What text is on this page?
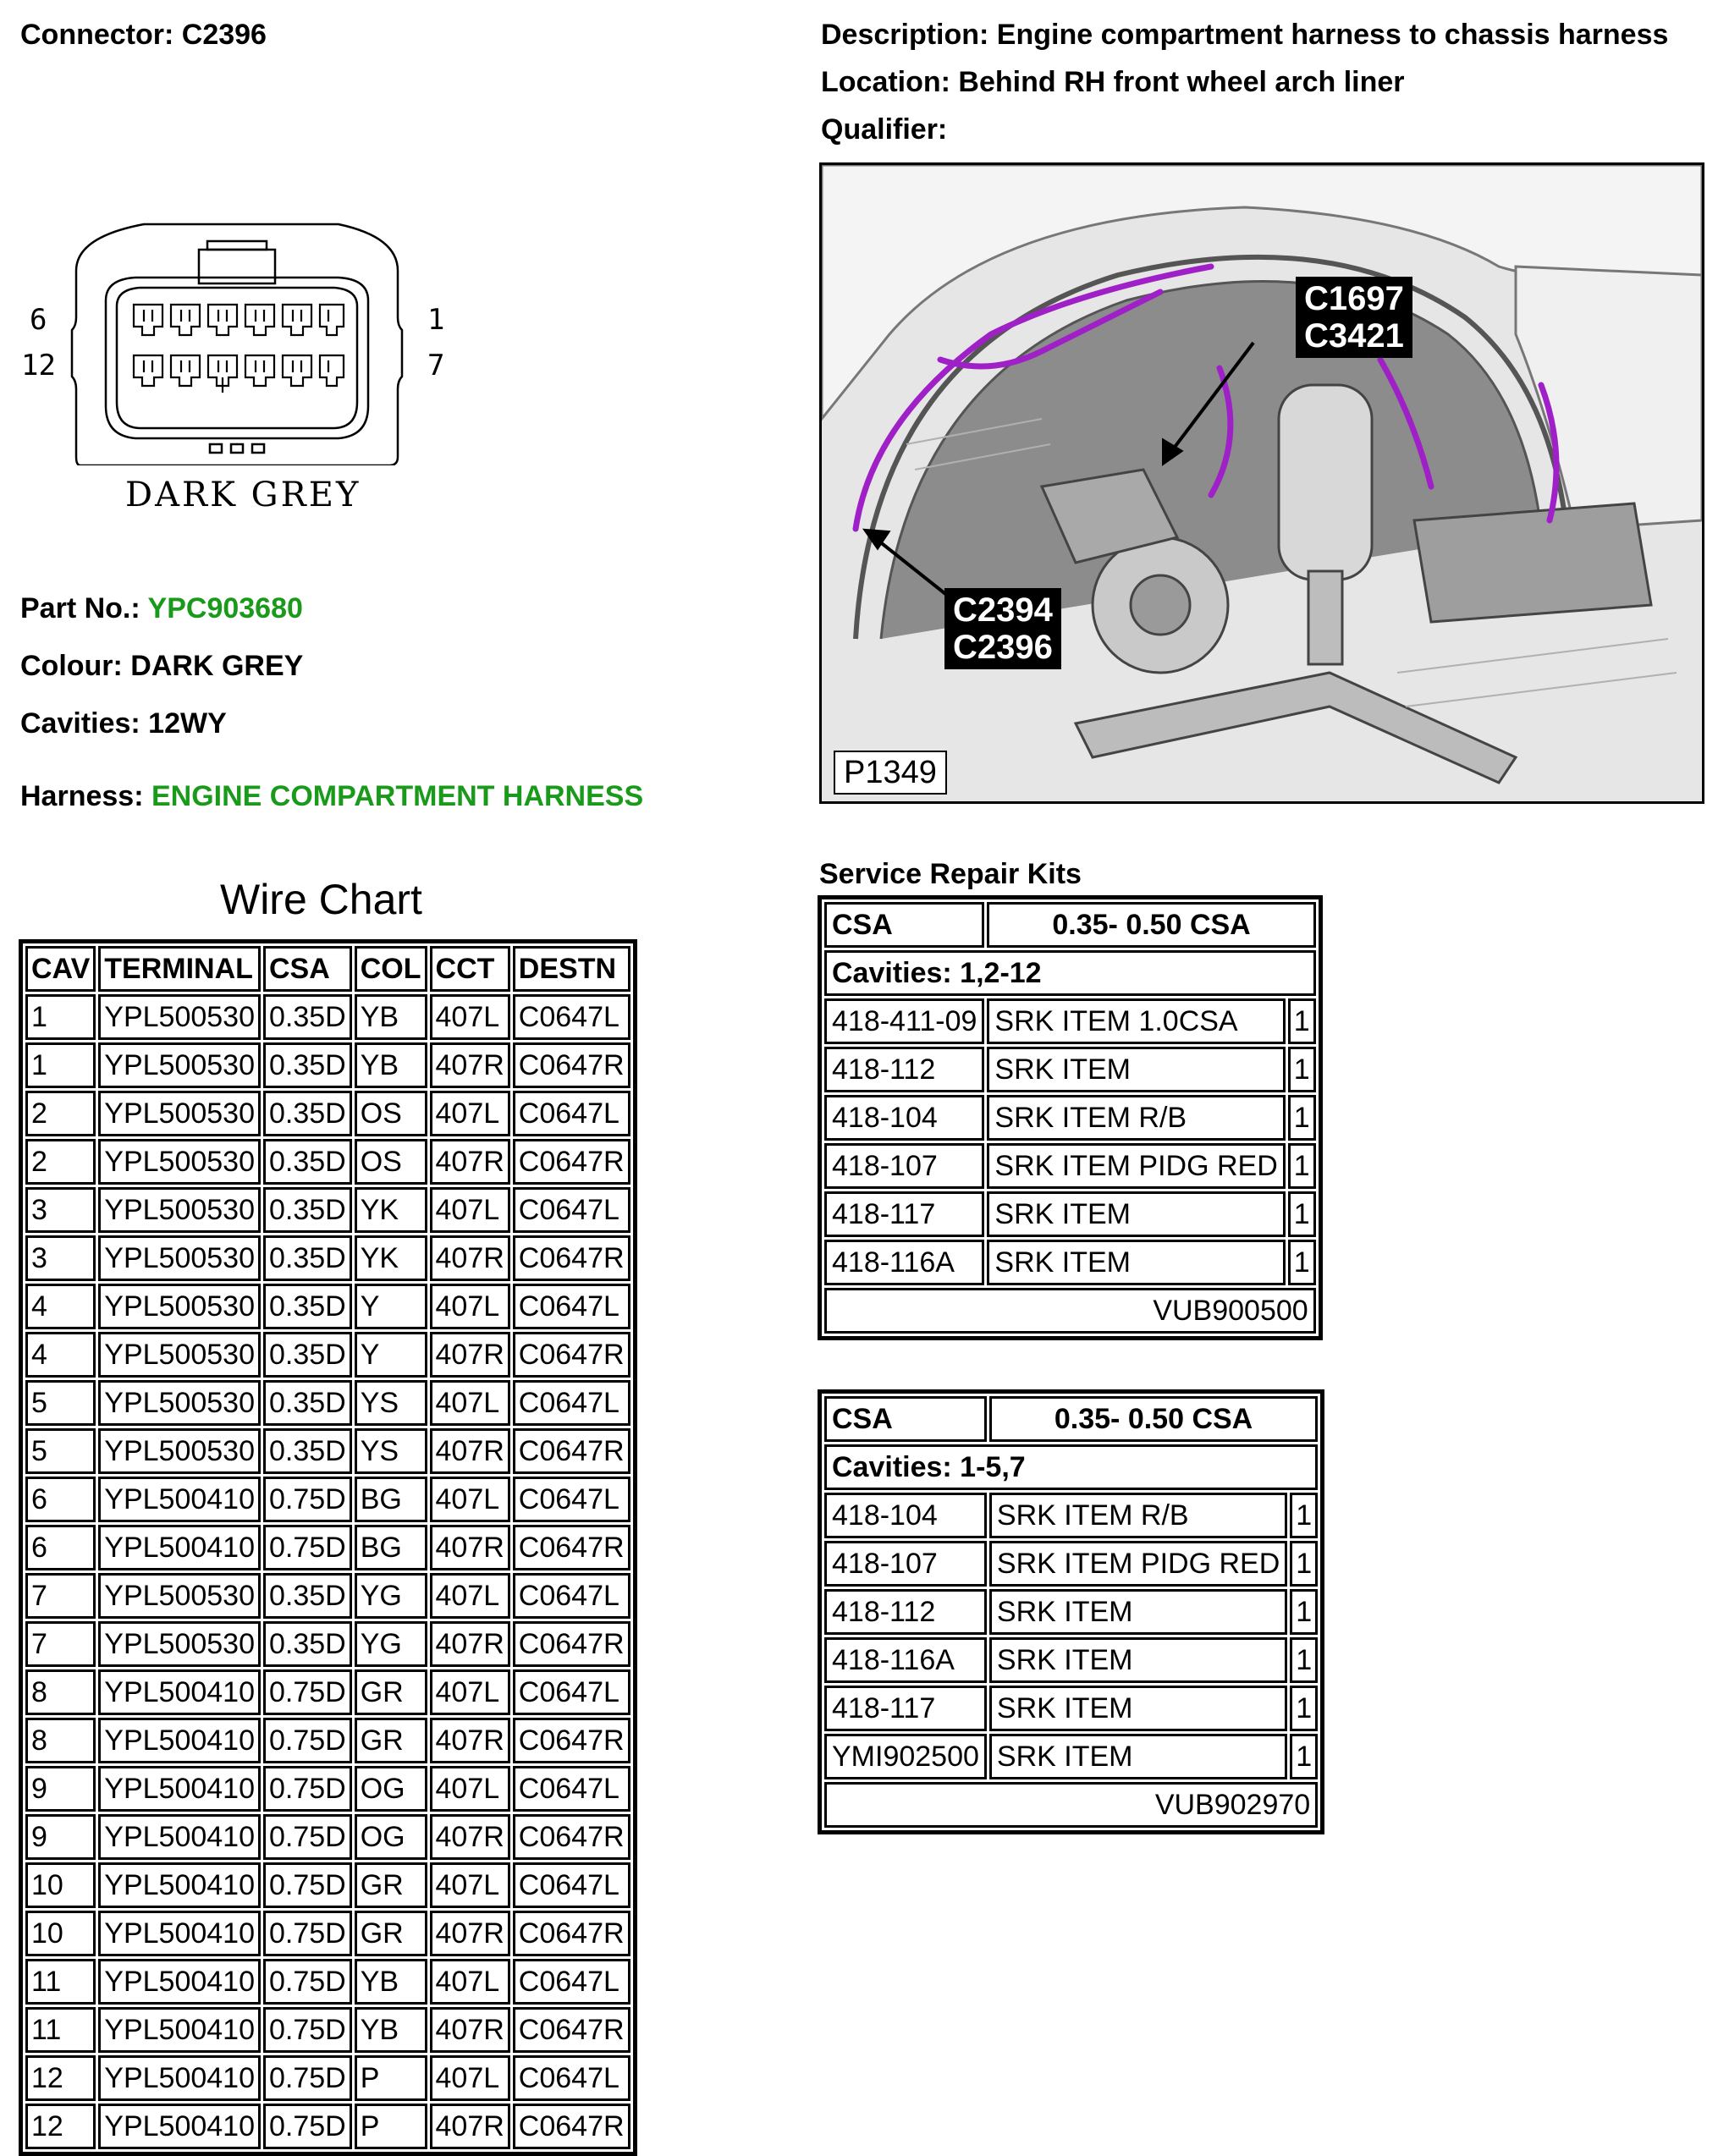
Connector: C2396	Description: Engine compartment harness to chassis harness
Location: Behind RH front wheel arch liner
Qualifier:
6
12
1
7
DARK GREY
Part No.: YPC903680
Colour: DARK GREY
Cavities: 12WY
Harness: ENGINE COMPARTMENT HARNESS
C1697
C3421
C2394
C2396
P1349
Wire Chart
CAV	TERMINAL	CSA	COL	CCT	DESTN
1	YPL500530	0.35D	YB	407L	C0647L
1	YPL500530	0.35D	YB	407R	C0647R
2	YPL500530	0.35D	OS	407L	C0647L
2	YPL500530	0.35D	OS	407R	C0647R
3	YPL500530	0.35D	YK	407L	C0647L
3	YPL500530	0.35D	YK	407R	C0647R
4	YPL500530	0.35D	Y	407L	C0647L
4	YPL500530	0.35D	Y	407R	C0647R
5	YPL500530	0.35D	YS	407L	C0647L
5	YPL500530	0.35D	YS	407R	C0647R
6	YPL500410	0.75D	BG	407L	C0647L
6	YPL500410	0.75D	BG	407R	C0647R
7	YPL500530	0.35D	YG	407L	C0647L
7	YPL500530	0.35D	YG	407R	C0647R
8	YPL500410	0.75D	GR	407L	C0647L
8	YPL500410	0.75D	GR	407R	C0647R
9	YPL500410	0.75D	OG	407L	C0647L
9	YPL500410	0.75D	OG	407R	C0647R
10	YPL500410	0.75D	GR	407L	C0647L
10	YPL500410	0.75D	GR	407R	C0647R
11	YPL500410	0.75D	YB	407L	C0647L
11	YPL500410	0.75D	YB	407R	C0647R
12	YPL500410	0.75D	P	407L	C0647L
12	YPL500410	0.75D	P	407R	C0647R
Service Repair Kits
CSA	0.35- 0.50 CSA	
Cavities: 1,2-12		
418-411-09	SRK ITEM 1.0CSA	1
418-112	SRK ITEM	1
418-104	SRK ITEM R/B	1
418-107	SRK ITEM PIDG RED	1
418-117	SRK ITEM	1
418-116A	SRK ITEM	1
VUB900500		
CSA	0.35- 0.50 CSA	
Cavities: 1-5,7		
418-104	SRK ITEM R/B	1
418-107	SRK ITEM PIDG RED	1
418-112	SRK ITEM	1
418-116A	SRK ITEM	1
418-117	SRK ITEM	1
YMI902500	SRK ITEM	1
VUB902970		
